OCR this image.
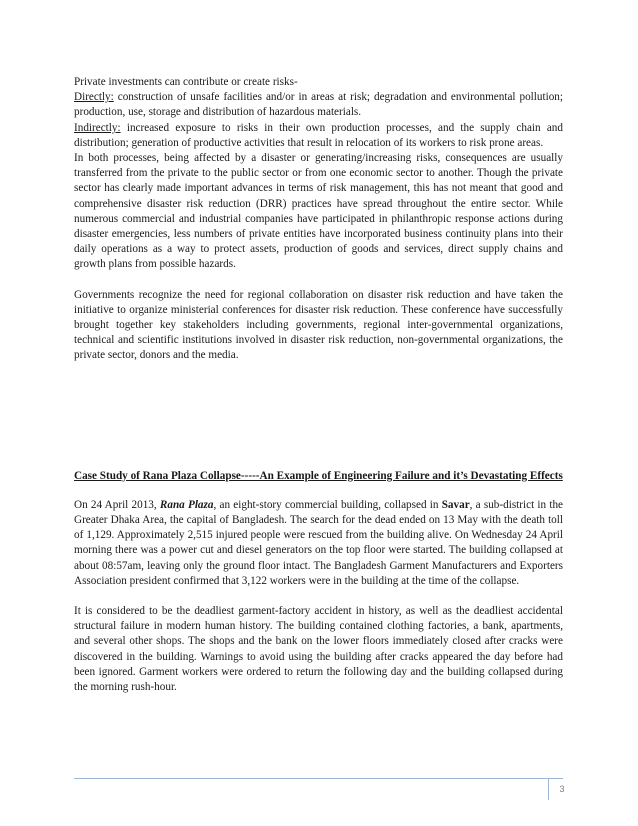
Private investments can contribute or create risks-
Directly: construction of unsafe facilities and/or in areas at risk; degradation and environmental pollution; production, use, storage and distribution of hazardous materials.
Indirectly: increased exposure to risks in their own production processes, and the supply chain and distribution; generation of productive activities that result in relocation of its workers to risk prone areas.
In both processes, being affected by a disaster or generating/increasing risks, consequences are usually transferred from the private to the public sector or from one economic sector to another. Though the private sector has clearly made important advances in terms of risk management, this has not meant that good and comprehensive disaster risk reduction (DRR) practices have spread throughout the entire sector. While numerous commercial and industrial companies have participated in philanthropic response actions during disaster emergencies, less numbers of private entities have incorporated business continuity plans into their daily operations as a way to protect assets, production of goods and services, direct supply chains and growth plans from possible hazards.

Governments recognize the need for regional collaboration on disaster risk reduction and have taken the initiative to organize ministerial conferences for disaster risk reduction. These conference have successfully brought together key stakeholders including governments, regional inter-governmental organizations, technical and scientific institutions involved in disaster risk reduction, non-governmental organizations, the private sector, donors and the media.

Case Study of Rana Plaza Collapse-----An Example of Engineering Failure and it’s Devastating Effects

On 24 April 2013, Rana Plaza, an eight-story commercial building, collapsed in Savar, a sub-district in the Greater Dhaka Area, the capital of Bangladesh. The search for the dead ended on 13 May with the death toll of 1,129. Approximately 2,515 injured people were rescued from the building alive. On Wednesday 24 April morning there was a power cut and diesel generators on the top floor were started. The building collapsed at about 08:57am, leaving only the ground floor intact. The Bangladesh Garment Manufacturers and Exporters Association president confirmed that 3,122 workers were in the building at the time of the collapse.

It is considered to be the deadliest garment-factory accident in history, as well as the deadliest accidental structural failure in modern human history. The building contained clothing factories, a bank, apartments, and several other shops. The shops and the bank on the lower floors immediately closed after cracks were discovered in the building. Warnings to avoid using the building after cracks appeared the day before had been ignored. Garment workers were ordered to return the following day and the building collapsed during the morning rush-hour.

3
